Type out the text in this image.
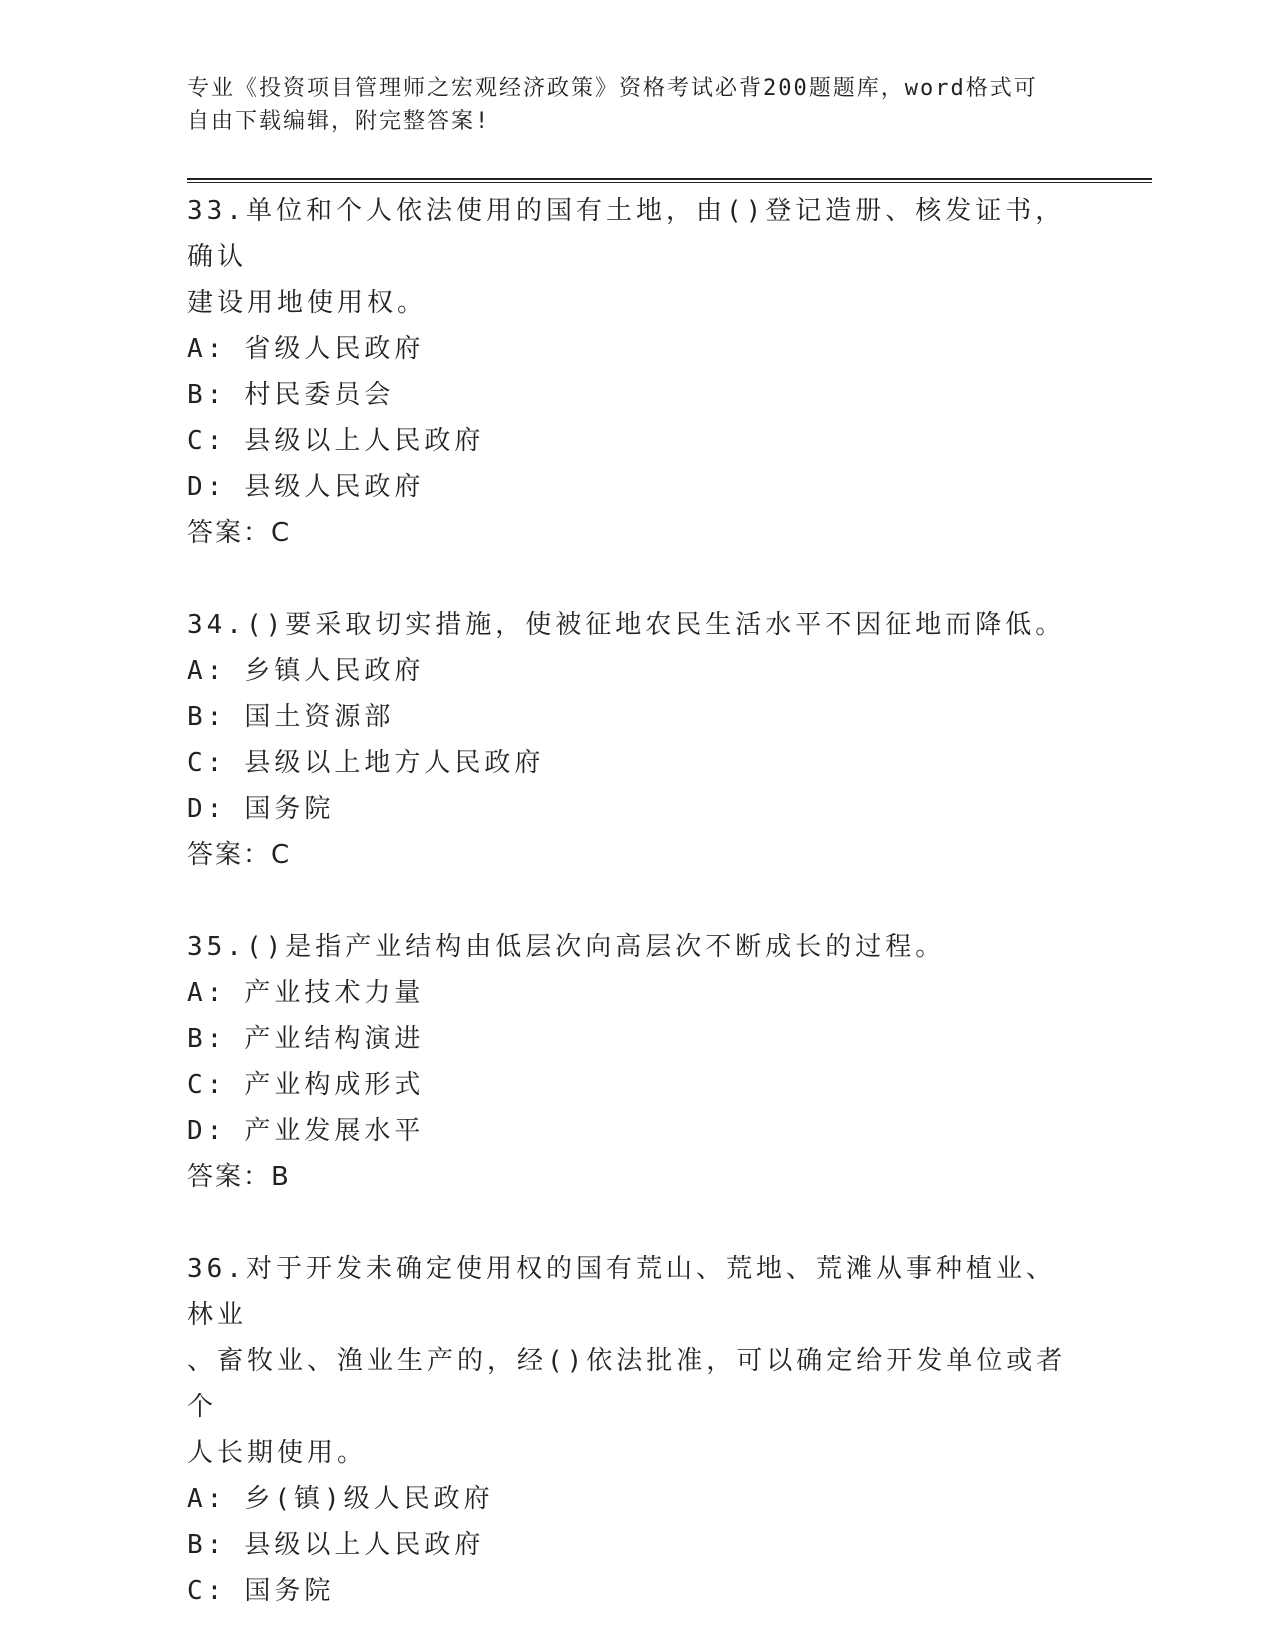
专业《投资项目管理师之宏观经济政策》资格考试必背200题题库，word格式可
自由下载编辑，附完整答案!
33.单位和个人依法使用的国有土地，由()登记造册、核发证书，确认
建设用地使用权。
A: 省级人民政府
B: 村民委员会
C: 县级以上人民政府
D: 县级人民政府
答案：C
34.()要采取切实措施，使被征地农民生活水平不因征地而降低。
A: 乡镇人民政府
B: 国土资源部
C: 县级以上地方人民政府
D: 国务院
答案：C
35.()是指产业结构由低层次向高层次不断成长的过程。
A: 产业技术力量
B: 产业结构演进
C: 产业构成形式
D: 产业发展水平
答案：B
36.对于开发未确定使用权的国有荒山、荒地、荒滩从事种植业、林业
、畜牧业、渔业生产的，经()依法批准，可以确定给开发单位或者个
人长期使用。
A: 乡(镇)级人民政府
B: 县级以上人民政府
C: 国务院
